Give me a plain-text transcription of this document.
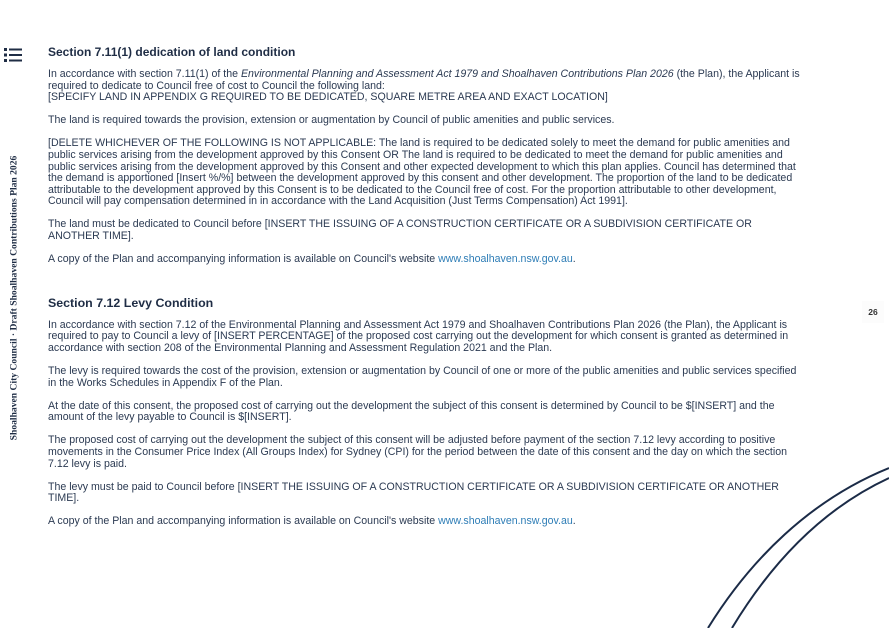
Shoalhaven City Council · Draft Shoalhaven Contributions Plan 2026	26
Section 7.11(1) dedication of land condition

In accordance with section 7.11(1) of the Environmental Planning and Assessment Act 1979 and Shoalhaven Contributions Plan 2026 (the Plan), the Applicant is required to dedicate to Council free of cost to Council the following land:
[SPECIFY LAND IN APPENDIX G REQUIRED TO BE DEDICATED, SQUARE METRE AREA AND EXACT LOCATION]

The land is required towards the provision, extension or augmentation by Council of public amenities and public services.

[DELETE WHICHEVER OF THE FOLLOWING IS NOT APPLICABLE: The land is required to be dedicated solely to meet the demand for public amenities and public services arising from the development approved by this Consent OR The land is required to be dedicated to meet the demand for public amenities and public services arising from the development approved by this Consent and other expected development to which this plan applies. Council has determined that the demand is apportioned [Insert %/%] between the development approved by this consent and other development. The proportion of the land to be dedicated attributable to the development approved by this Consent is to be dedicated to the Council free of cost. For the proportion attributable to other development, Council will pay compensation determined in in accordance with the Land Acquisition (Just Terms Compensation) Act 1991].

The land must be dedicated to Council before [INSERT THE ISSUING OF A CONSTRUCTION CERTIFICATE OR A SUBDIVISION CERTIFICATE OR ANOTHER TIME].

A copy of the Plan and accompanying information is available on Council's website www.shoalhaven.nsw.gov.au.

Section 7.12 Levy Condition

In accordance with section 7.12 of the Environmental Planning and Assessment Act 1979 and Shoalhaven Contributions Plan 2026 (the Plan), the Applicant is required to pay to Council a levy of [INSERT PERCENTAGE] of the proposed cost carrying out the development for which consent is granted as determined in accordance with section 208 of the Environmental Planning and Assessment Regulation 2021 and the Plan.

The levy is required towards the cost of the provision, extension or augmentation by Council of one or more of the public amenities and public services specified in the Works Schedules in Appendix F of the Plan.

At the date of this consent, the proposed cost of carrying out the development the subject of this consent is determined by Council to be $[INSERT] and the amount of the levy payable to Council is $[INSERT].

The proposed cost of carrying out the development the subject of this consent will be adjusted before payment of the section 7.12 levy according to positive movements in the Consumer Price Index (All Groups Index) for Sydney (CPI) for the period between the date of this consent and the day on which the section 7.12 levy is paid.

The levy must be paid to Council before [INSERT THE ISSUING OF A CONSTRUCTION CERTIFICATE OR A SUBDIVISION CERTIFICATE OR ANOTHER TIME].

A copy of the Plan and accompanying information is available on Council's website www.shoalhaven.nsw.gov.au.
